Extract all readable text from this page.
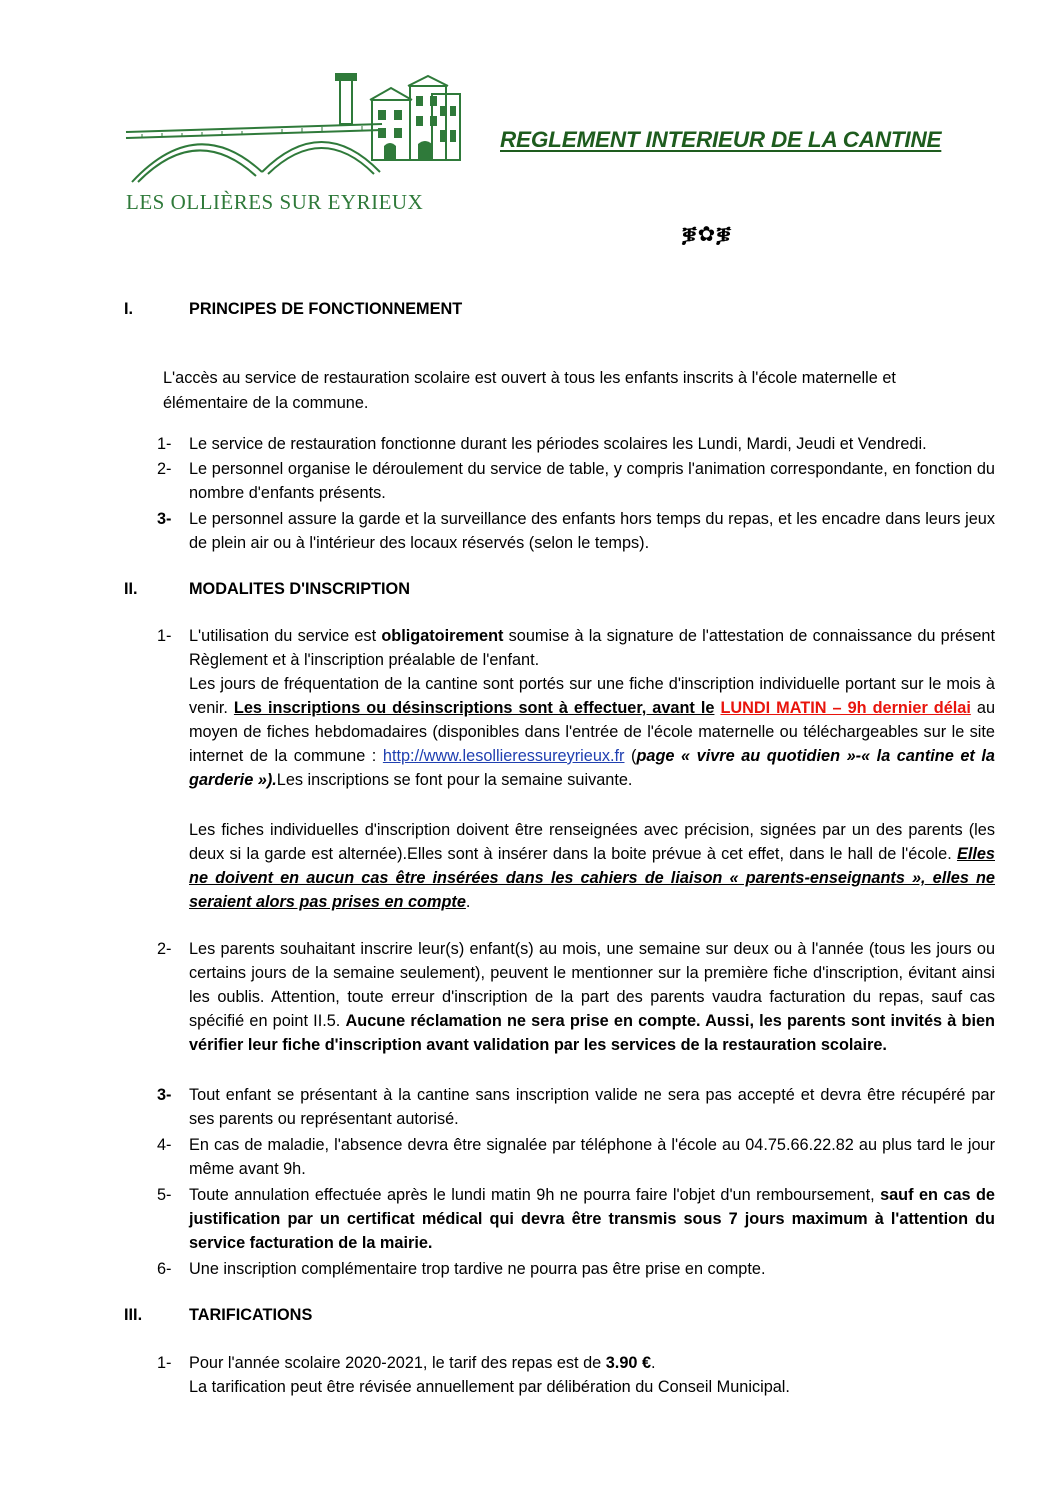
LES OLLIÈRES SUR EYRIEUX
REGLEMENT INTERIEUR DE LA CANTINE
ቜ✿ቜ
I.	PRINCIPES DE FONCTIONNEMENT
L'accès au service de restauration scolaire est ouvert à tous les enfants inscrits à l'école maternelle et élémentaire de la commune.
1-	Le service de restauration fonctionne durant les périodes scolaires les Lundi, Mardi, Jeudi et Vendredi.
2-	Le personnel organise le déroulement du service de table, y compris l'animation correspondante, en fonction du nombre d'enfants présents.
3-	Le personnel assure la garde et la surveillance des enfants hors temps du repas, et les encadre dans leurs jeux de plein air ou à l'intérieur des locaux réservés (selon le temps).
II.	MODALITES D'INSCRIPTION
1-	L'utilisation du service est obligatoirement soumise à la signature de l'attestation de connaissance du présent Règlement et à l'inscription préalable de l'enfant.
Les jours de fréquentation de la cantine sont portés sur une fiche d'inscription individuelle portant sur le mois à venir. Les inscriptions ou désinscriptions sont à effectuer, avant le LUNDI MATIN – 9h dernier délai au moyen de fiches hebdomadaires (disponibles dans l'entrée de l'école maternelle ou téléchargeables sur le site internet de la commune : http://www.lesollieressureyrieux.fr (page « vivre au quotidien »-« la cantine et la garderie »).Les inscriptions se font pour la semaine suivante.
Les fiches individuelles d'inscription doivent être renseignées avec précision, signées par un des parents (les deux si la garde est alternée).Elles sont à insérer dans la boite prévue à cet effet, dans le hall de l'école. Elles ne doivent en aucun cas être insérées dans les cahiers de liaison « parents-enseignants », elles ne seraient alors pas prises en compte.
2-	Les parents souhaitant inscrire leur(s) enfant(s) au mois, une semaine sur deux ou à l'année (tous les jours ou certains jours de la semaine seulement), peuvent le mentionner sur la première fiche d'inscription, évitant ainsi les oublis. Attention, toute erreur d'inscription de la part des parents vaudra facturation du repas, sauf cas spécifié en point II.5. Aucune réclamation ne sera prise en compte. Aussi, les parents sont invités à bien vérifier leur fiche d'inscription avant validation par les services de la restauration scolaire.
3-	Tout enfant se présentant à la cantine sans inscription valide ne sera pas accepté et devra être récupéré par ses parents ou représentant autorisé.
4-	En cas de maladie, l'absence devra être signalée par téléphone à l'école au 04.75.66.22.82 au plus tard le jour même avant 9h.
5-	Toute annulation effectuée après le lundi matin 9h ne pourra faire l'objet d'un remboursement, sauf en cas de justification par un certificat médical qui devra être transmis sous 7 jours maximum à l'attention du service facturation de la mairie.
6-	Une inscription complémentaire trop tardive ne pourra pas être prise en compte.
III.	TARIFICATIONS
1-	Pour l'année scolaire 2020-2021, le tarif des repas est de 3.90 €.
La tarification peut être révisée annuellement par délibération du Conseil Municipal.
